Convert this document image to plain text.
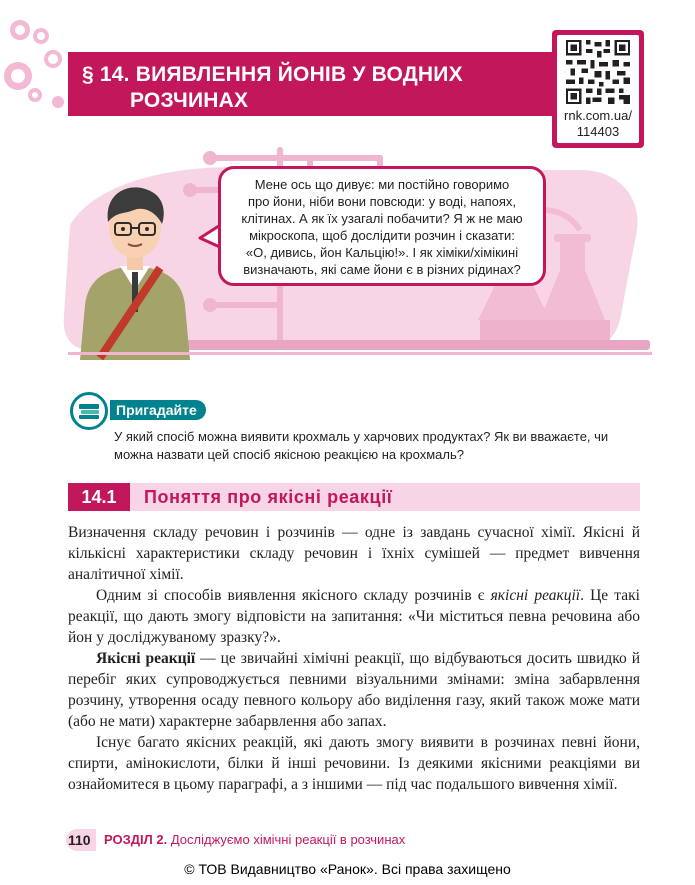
§ 14. ВИЯВЛЕННЯ ЙОНІВ У ВОДНИХ
РОЗЧИНАХ
rnk.com.ua/
114403
Мене ось що дивує: ми постійно говоримо
про йони, ніби вони повсюди: у воді, напоях,
клітинах. А як їх узагалі побачити? Я ж не маю
мікроскопа, щоб дослідити розчин і сказати:
«О, дивись, йон Кальцію!». І як хіміки/хімікині
визначають, які саме йони є в різних рідинах?
Пригадайте
У який спосіб можна виявити крохмаль у харчових продуктах? Як ви вважаєте, чи можна назвати цей спосіб якісною реакцією на крохмаль?
14.1	Поняття про якісні реакції

Визначення складу речовин і розчинів — одне із завдань сучасної хімії. Якісні й кількісні характеристики складу речовин і їхніх сумішей — предмет вивчення аналітичної хімії.

Одним зі способів виявлення якісного складу розчинів є якісні реакції. Це такі реакції, що дають змогу відповісти на запитання: «Чи міститься певна речовина або йон у досліджуваному зразку?».

Якісні реакції — це звичайні хімічні реакції, що відбуваються досить швидко й перебіг яких супроводжується певними візуальними змінами: зміна забарвлення розчину, утворення осаду певного кольору або виділення газу, який також може мати (або не мати) характерне забарвлення або запах.

Існує багато якісних реакцій, які дають змогу виявити в розчинах певні йони, спирти, амінокислоти, білки й інші речовини. Із деякими якісними реакціями ви ознайомитеся в цьому параграфі, а з іншими — під час подальшого вивчення хімії.

110 РОЗДІЛ 2. Досліджуємо хімічні реакції в розчинах
© ТОВ Видавництво «Ранок». Всі права захищено
